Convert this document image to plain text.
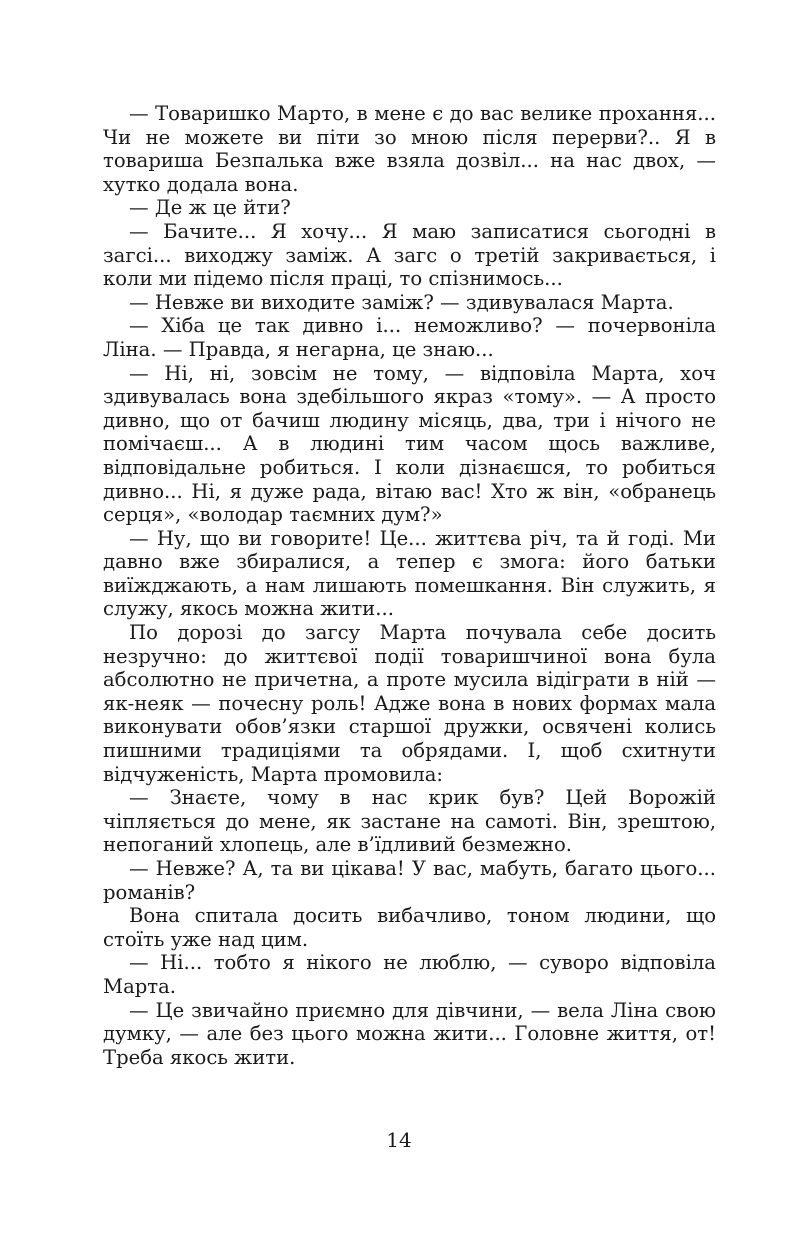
— Товаришко Марто, в мене є до вас велике прохання... Чи не можете ви піти зо мною після перерви?.. Я в товариша Безпалька вже взяла дозвіл... на нас двох, — хутко додала вона.

— Де ж це йти?

— Бачите... Я хочу... Я маю записатися сьогодні в загсі... виходжу заміж. А загс о третій закривається, і коли ми підемо після праці, то спізнимось...

— Невже ви виходите заміж? — здивувалася Марта.

— Хіба це так дивно і... неможливо? — почервоніла Ліна. — Правда, я негарна, це знаю...

— Ні, ні, зовсім не тому, — відповіла Марта, хоч здивувалась вона здебільшого якраз «тому». — А просто дивно, що от бачиш людину місяць, два, три і нічого не помічаєш... А в людині тим часом щось важливе, відповідальне робиться. І коли дізнаєшся, то робиться дивно... Ні, я дуже рада, вітаю вас! Хто ж він, «обранець серця», «володар таємних дум?»

— Ну, що ви говорите! Це... життєва річ, та й годі. Ми давно вже збиралися, а тепер є змога: його батьки виїжджають, а нам лишають помешкання. Він служить, я служу, якось можна жити...

По дорозі до загсу Марта почувала себе досить незручно: до життєвої події товаришчиної вона була абсолютно не причетна, а проте мусила відіграти в ній — як-неяк — почесну роль! Адже вона в нових формах мала виконувати обов’язки старшої дружки, освячені колись пишними традиціями та обрядами. І, щоб схитнути відчуженість, Марта промовила:

— Знаєте, чому в нас крик був? Цей Ворожій чіпляється до мене, як застане на самоті. Він, зрештою, непоганий хлопець, але в’їдливий безмежно.

— Невже? А, та ви цікава! У вас, мабуть, багато цього... романів?

Вона спитала досить вибачливо, тоном людини, що стоїть уже над цим.

— Ні... тобто я нікого не люблю, — суворо відповіла Марта.

— Це звичайно приємно для дівчини, — вела Ліна свою думку, — але без цього можна жити... Головне життя, от! Треба якось жити.

14
